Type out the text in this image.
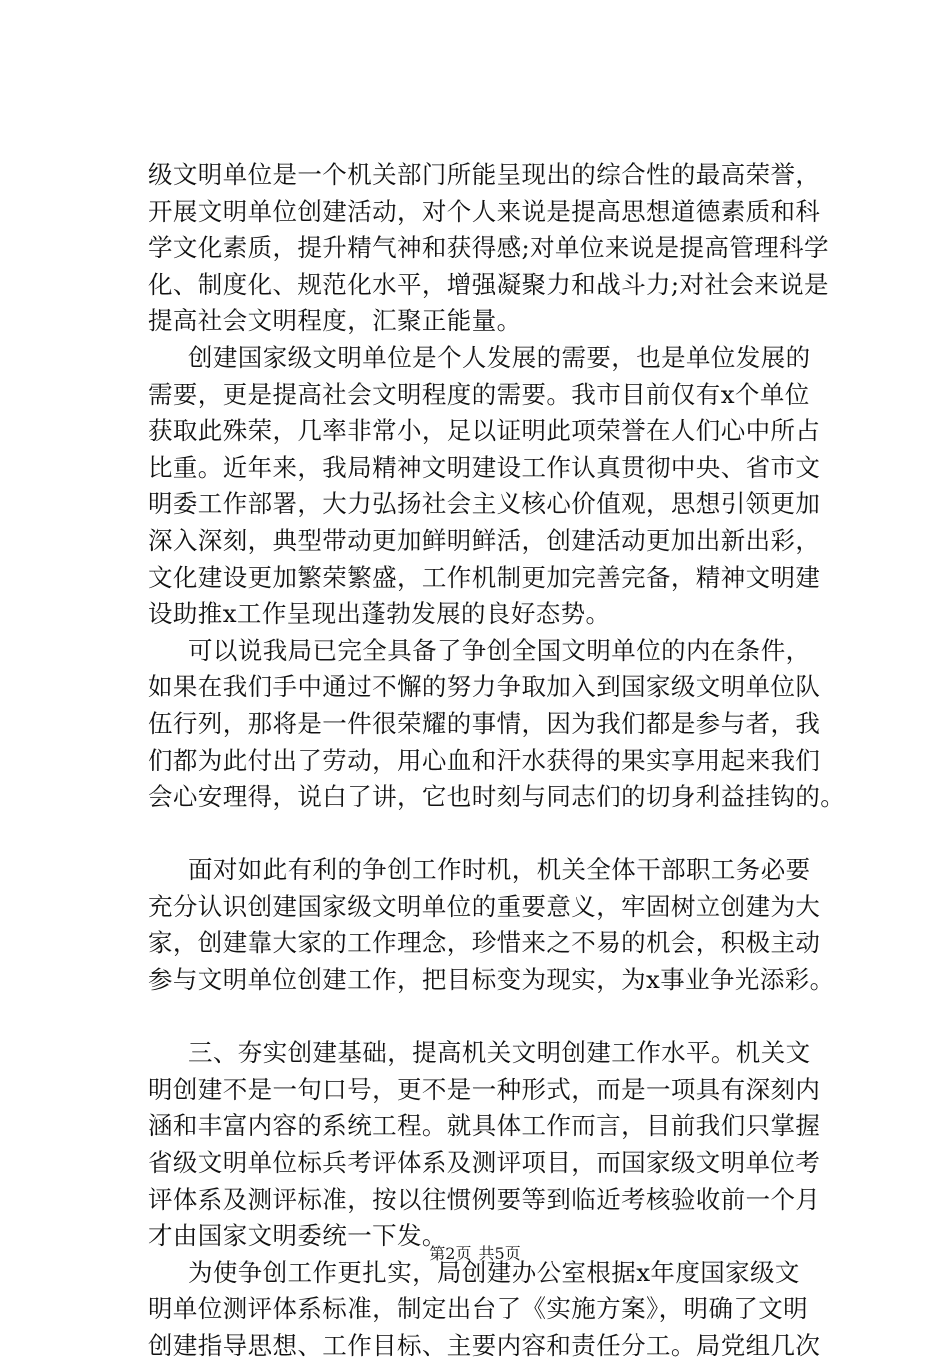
级文明单位是一个机关部门所能呈现出的综合性的最高荣誉，
开展文明单位创建活动，对个人来说是提高思想道德素质和科
学文化素质，提升精气神和获得感;对单位来说是提高管理科学
化、制度化、规范化水平，增强凝聚力和战斗力;对社会来说是
提高社会文明程度，汇聚正能量。
创建国家级文明单位是个人发展的需要，也是单位发展的
需要，更是提高社会文明程度的需要。我市目前仅有x个单位
获取此殊荣，几率非常小，足以证明此项荣誉在人们心中所占
比重。近年来，我局精神文明建设工作认真贯彻中央、省市文
明委工作部署，大力弘扬社会主义核心价值观，思想引领更加
深入深刻，典型带动更加鲜明鲜活，创建活动更加出新出彩，
文化建设更加繁荣繁盛，工作机制更加完善完备，精神文明建
设助推x工作呈现出蓬勃发展的良好态势。
可以说我局已完全具备了争创全国文明单位的内在条件，
如果在我们手中通过不懈的努力争取加入到国家级文明单位队
伍行列，那将是一件很荣耀的事情，因为我们都是参与者，我
们都为此付出了劳动，用心血和汗水获得的果实享用起来我们
会心安理得，说白了讲，它也时刻与同志们的切身利益挂钩的。
面对如此有利的争创工作时机，机关全体干部职工务必要
充分认识创建国家级文明单位的重要意义，牢固树立创建为大
家，创建靠大家的工作理念，珍惜来之不易的机会，积极主动
参与文明单位创建工作，把目标变为现实，为x事业争光添彩。
三、夯实创建基础，提高机关文明创建工作水平。机关文
明创建不是一句口号，更不是一种形式，而是一项具有深刻内
涵和丰富内容的系统工程。就具体工作而言，目前我们只掌握
省级文明单位标兵考评体系及测评项目，而国家级文明单位考
评体系及测评标准，按以往惯例要等到临近考核验收前一个月
才由国家文明委统一下发。
为使争创工作更扎实，局创建办公室根据x年度国家级文
明单位测评体系标准，制定出台了《实施方案》，明确了文明
创建指导思想、工作目标、主要内容和责任分工。局党组几次
第2页 共5页
